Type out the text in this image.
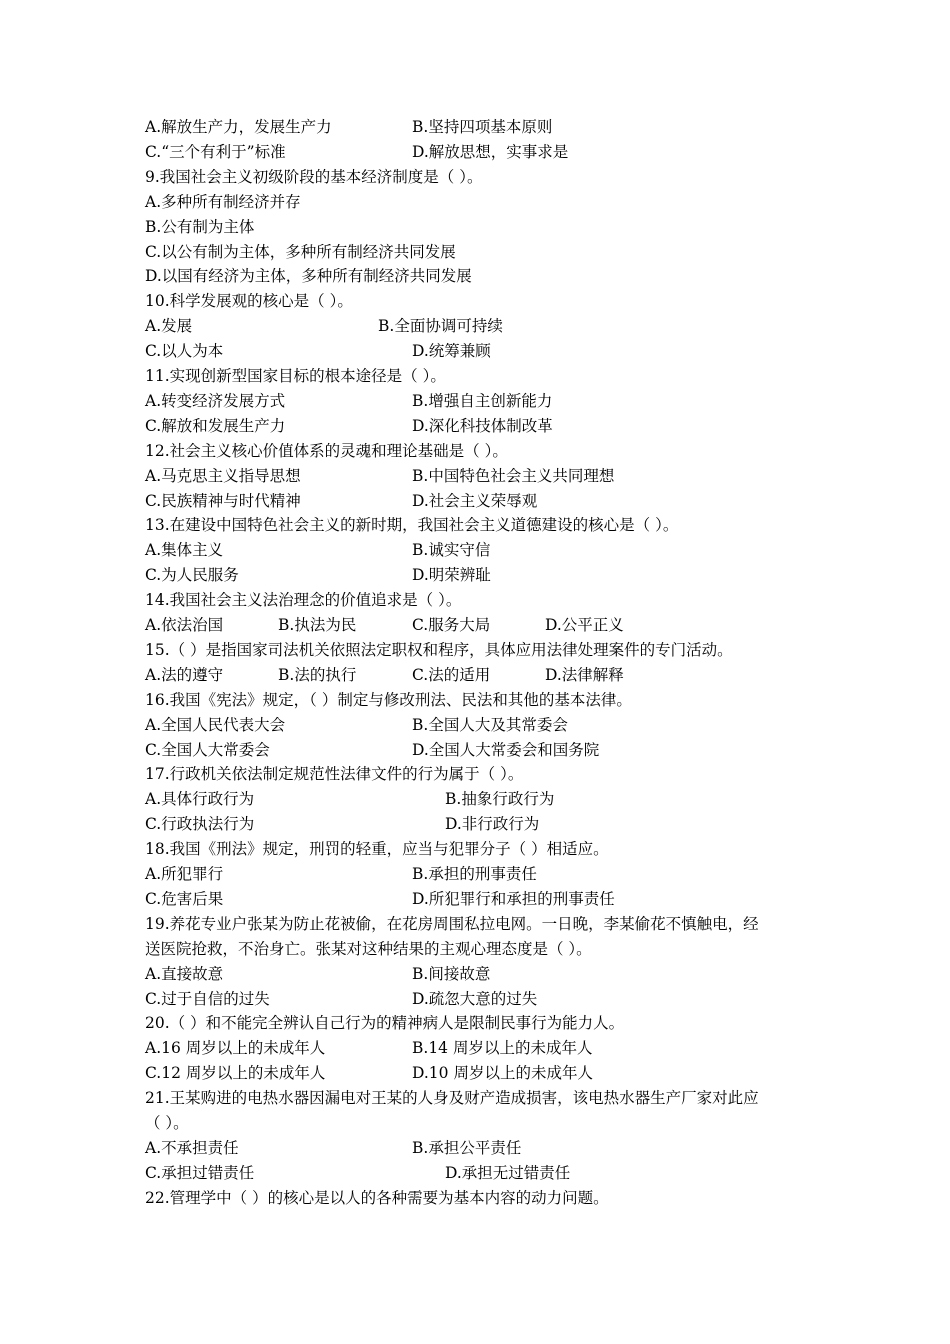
A.解放生产力，发展生产力	B.坚持四项基本原则
C.“三个有利于”标准	D.解放思想，实事求是
9.我国社会主义初级阶段的基本经济制度是（ ）。
A.多种所有制经济并存
B.公有制为主体
C.以公有制为主体，多种所有制经济共同发展
D.以国有经济为主体，多种所有制经济共同发展
10.科学发展观的核心是（ ）。
A.发展	B.全面协调可持续
C.以人为本	D.统筹兼顾
11.实现创新型国家目标的根本途径是（ ）。
A.转变经济发展方式	B.增强自主创新能力
C.解放和发展生产力	D.深化科技体制改革
12.社会主义核心价值体系的灵魂和理论基础是（ ）。
A.马克思主义指导思想	B.中国特色社会主义共同理想
C.民族精神与时代精神	D.社会主义荣辱观
13.在建设中国特色社会主义的新时期，我国社会主义道德建设的核心是（ ）。
A.集体主义	B.诚实守信
C.为人民服务	D.明荣辨耻
14.我国社会主义法治理念的价值追求是（ ）。
A.依法治国	B.执法为民	C.服务大局	D.公平正义
15.（ ）是指国家司法机关依照法定职权和程序，具体应用法律处理案件的专门活动。
A.法的遵守	B.法的执行	C.法的适用	D.法律解释
16.我国《宪法》规定，（ ）制定与修改刑法、民法和其他的基本法律。
A.全国人民代表大会	B.全国人大及其常委会
C.全国人大常委会	D.全国人大常委会和国务院
17.行政机关依法制定规范性法律文件的行为属于（ ）。
A.具体行政行为	B.抽象行政行为
C.行政执法行为	D.非行政行为
18.我国《刑法》规定，刑罚的轻重，应当与犯罪分子（ ）相适应。
A.所犯罪行	B.承担的刑事责任
C.危害后果	D.所犯罪行和承担的刑事责任
19.养花专业户张某为防止花被偷，在花房周围私拉电网。一日晚，李某偷花不慎触电，经
送医院抢救，不治身亡。张某对这种结果的主观心理态度是（ ）。
A.直接故意	B.间接故意
C.过于自信的过失	D.疏忽大意的过失
20.（ ）和不能完全辨认自己行为的精神病人是限制民事行为能力人。
A.16 周岁以上的未成年人	B.14 周岁以上的未成年人
C.12 周岁以上的未成年人	D.10 周岁以上的未成年人
21.王某购进的电热水器因漏电对王某的人身及财产造成损害，该电热水器生产厂家对此应
（ ）。
A.不承担责任	B.承担公平责任
C.承担过错责任	D.承担无过错责任
22.管理学中（ ）的核心是以人的各种需要为基本内容的动力问题。
